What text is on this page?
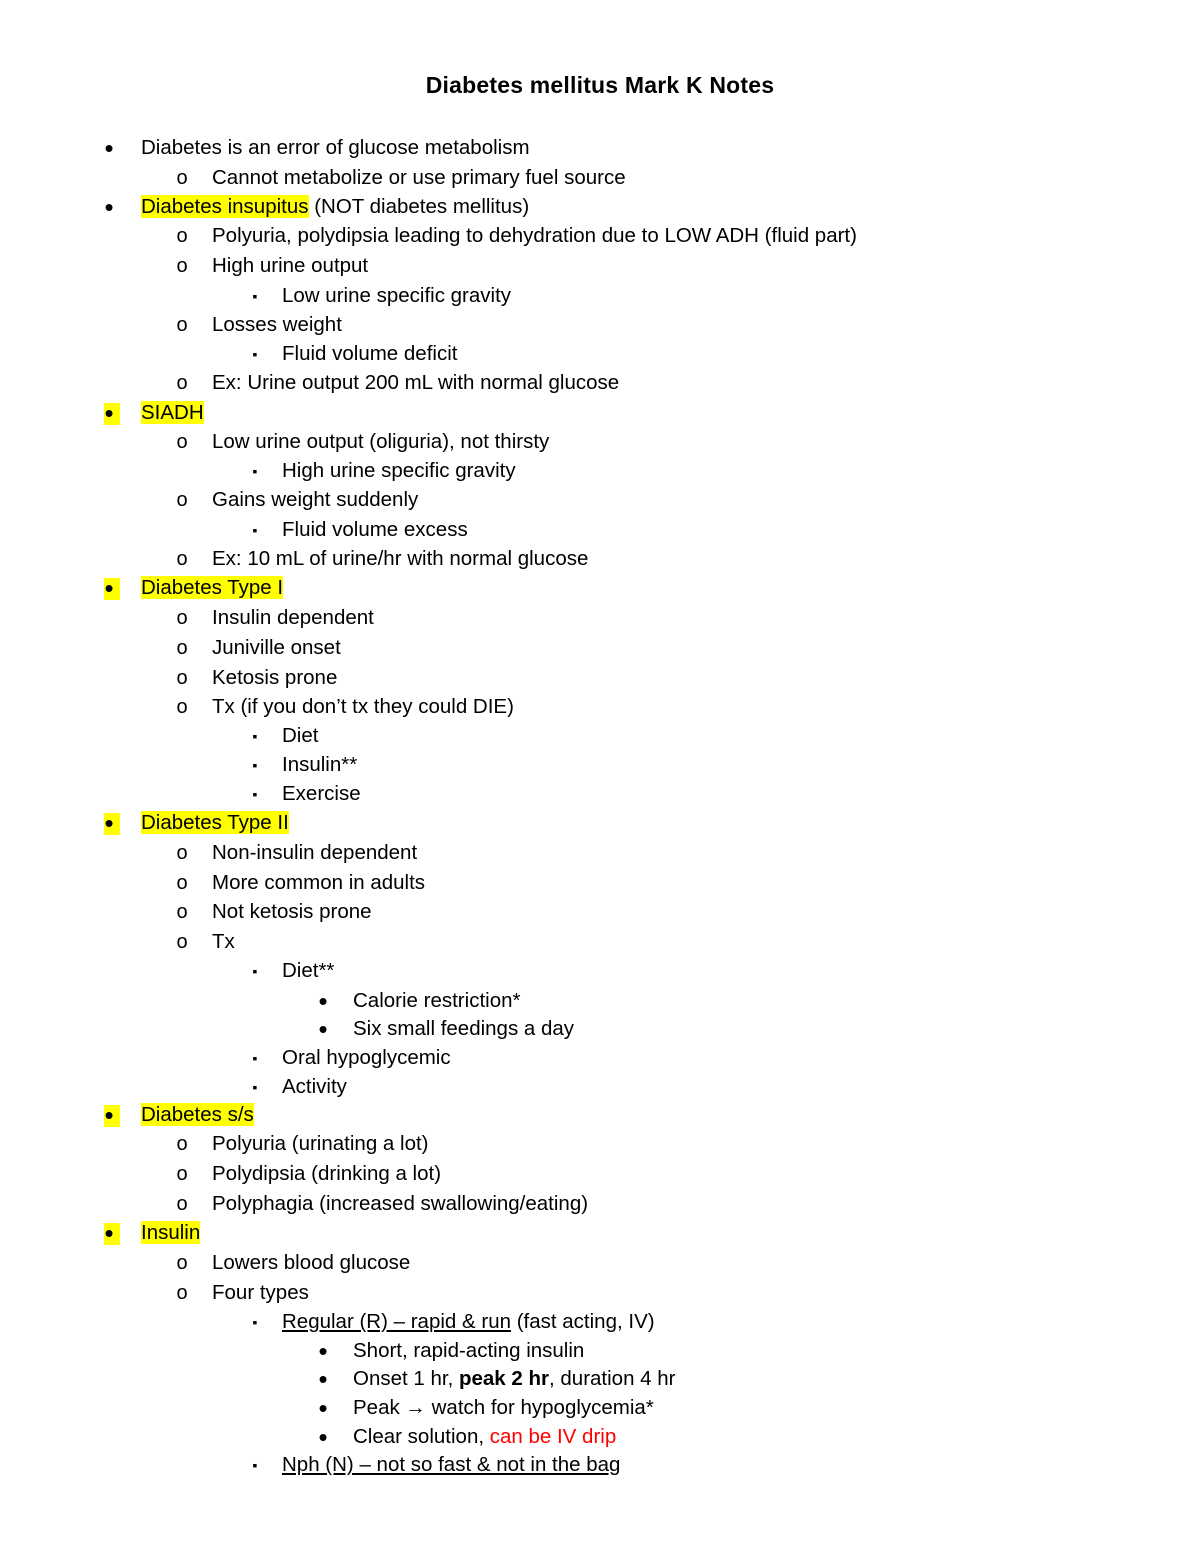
Diabetes mellitus Mark K Notes
• Diabetes is an error of glucose metabolism
o Cannot metabolize or use primary fuel source
• Diabetes insupitus (NOT diabetes mellitus)
o Polyuria, polydipsia leading to dehydration due to LOW ADH (fluid part)
o High urine output
▪	Low urine specific gravity
o Losses weight
▪	Fluid volume deficit
o Ex: Urine output 200 mL with normal glucose
• SIADH
o Low urine output (oliguria), not thirsty
▪	High urine specific gravity
o Gains weight suddenly
▪	Fluid volume excess
o Ex: 10 mL of urine/hr with normal glucose
• Diabetes Type I
o Insulin dependent
o Juniville onset
o Ketosis prone
o Tx (if you don’t tx they could DIE)
▪	Diet
▪	Insulin**
▪	Exercise
• Diabetes Type II
o Non-insulin dependent
o More common in adults
o Not ketosis prone
o Tx
▪	Diet**
• Calorie restriction*
• Six small feedings a day
▪	Oral hypoglycemic
▪	Activity
• Diabetes s/s
o Polyuria (urinating a lot)
o Polydipsia (drinking a lot)
o Polyphagia (increased swallowing/eating)
• Insulin
o Lowers blood glucose
o Four types
▪	Regular (R) – rapid & run (fast acting, IV)
• Short, rapid-acting insulin
• Onset 1 hr, peak 2 hr, duration 4 hr
• Peak → watch for hypoglycemia*
• Clear solution, can be IV drip
▪	Nph (N) – not so fast & not in the bag
